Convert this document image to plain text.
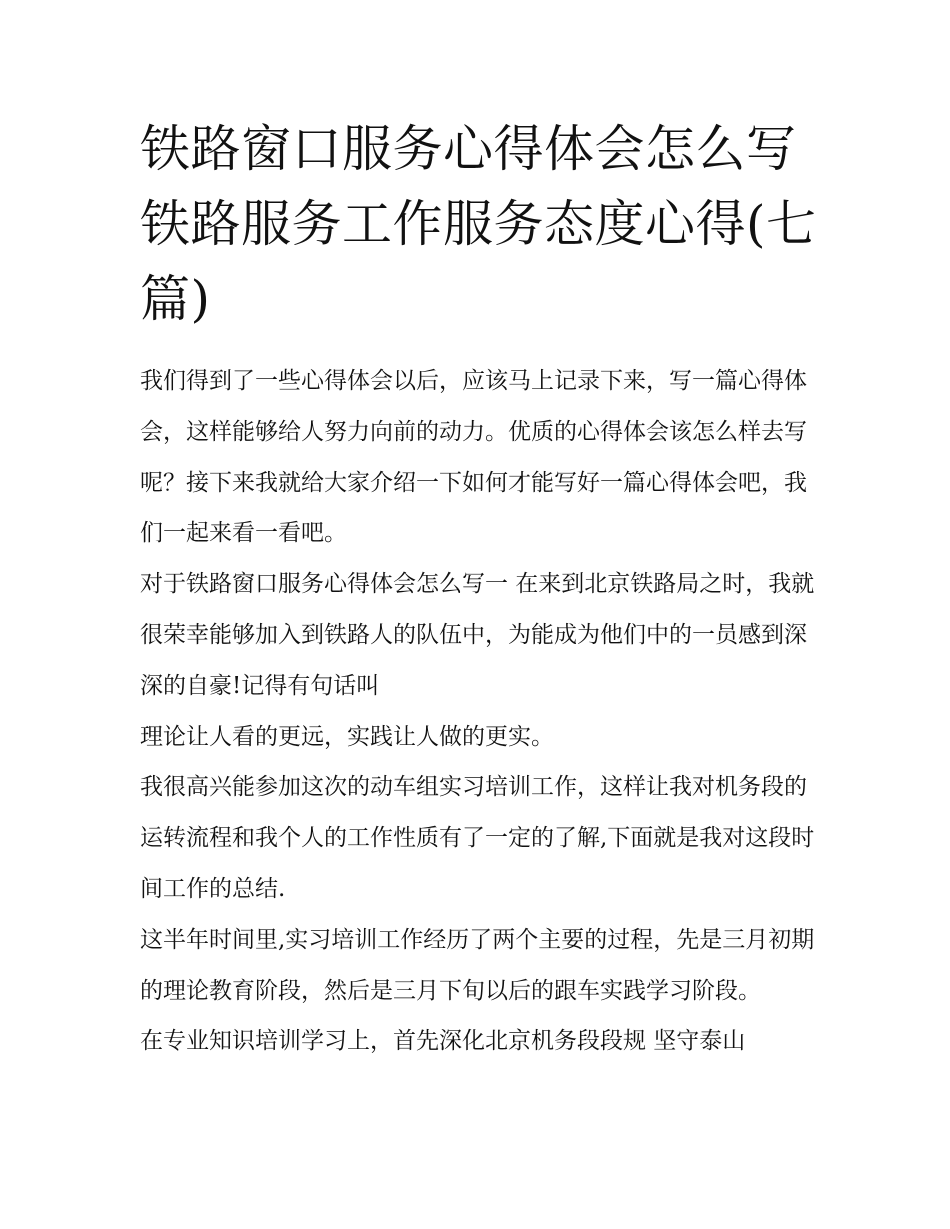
铁路窗口服务心得体会怎么写铁路服务工作服务态度心得(七篇)

我们得到了一些心得体会以后，应该马上记录下来，写一篇心得体会，这样能够给人努力向前的动力。优质的心得体会该怎么样去写呢？接下来我就给大家介绍一下如何才能写好一篇心得体会吧，我们一起来看一看吧。

对于铁路窗口服务心得体会怎么写一 在来到北京铁路局之时，我就很荣幸能够加入到铁路人的队伍中，为能成为他们中的一员感到深深的自豪!记得有句话叫

理论让人看的更远，实践让人做的更实。

我很高兴能参加这次的动车组实习培训工作，这样让我对机务段的运转流程和我个人的工作性质有了一定的了解,下面就是我对这段时间工作的总结.

这半年时间里,实习培训工作经历了两个主要的过程，先是三月初期的理论教育阶段，然后是三月下旬以后的跟车实践学习阶段。

在专业知识培训学习上，首先深化北京机务段段规 坚守泰山
